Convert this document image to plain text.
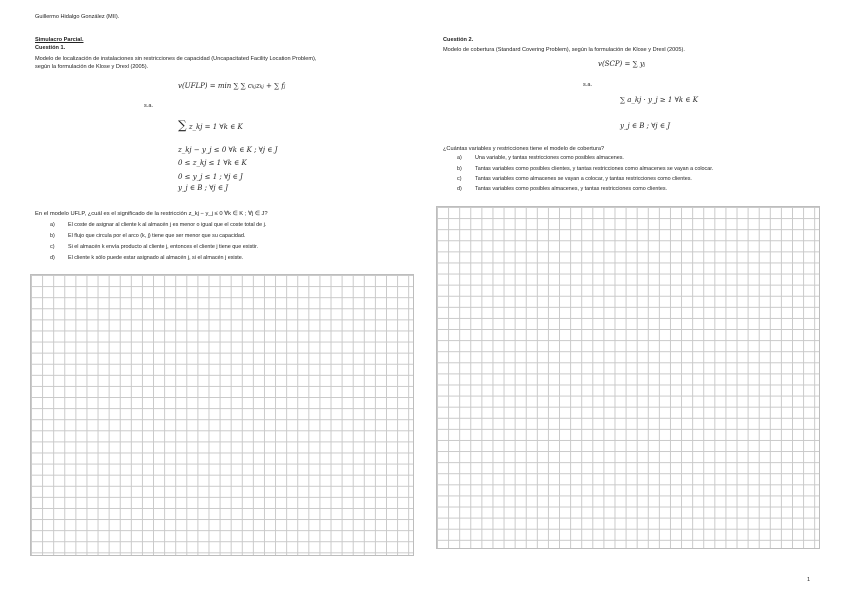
Guillermo Hidalgo González (MII).
Simulacro Parcial.
Cuestión 1.
Modelo de localización de instalaciones sin restricciones de capacidad (Uncapacitated Facility Location Problem),
según la formulación de Klose y Drexl (2005).
v(UFLP) = min ∑ ∑ ckjzkj + ∑ fj
s.a.
∑ z_kj = 1 ∀k ∈ K
z_kj − y_j ≤ 0 ∀k ∈ K ; ∀j ∈ J
0 ≤ z_kj ≤ 1 ∀k ∈ K
0 ≤ y_j ≤ 1 ; ∀j ∈ J
y_j ∈ B ; ∀j ∈ J
En el modelo UFLP, ¿cuál es el significado de la restricción z_kj − y_j ≤ 0 ∀k ∈ K ; ∀j ∈ J?
a) El coste de asignar al cliente k al almacén j es menor o igual que el coste total de j.
b) El flujo que circula por el arco (k, j) tiene que ser menor que su capacidad.
c)	Si el almacén k envía producto al cliente j, entonces el cliente j tiene que existir.
d) El cliente k sólo puede estar asignado al almacén j, si el almacén j existe.
Cuestión 2.
Modelo de cobertura (Standard Covering Problem), según la formulación de Klose y Drexl (2005).
v(SCP) = ∑ yj
s.a.
∑ a_kj · y_j ≥ 1 ∀k ∈ K
y_j ∈ B ; ∀j ∈ J
¿Cuántas variables y restricciones tiene el modelo de cobertura?
a) Una variable, y tantas restricciones como posibles almacenes.
b) Tantas variables como posibles clientes, y tantas restricciones como almacenes se vayan a colocar.
c)	Tantas variables como almacenes se vayan a colocar, y tantas restricciones como clientes.
d) Tantas variables como posibles almacenes, y tantas restricciones como clientes.
1
